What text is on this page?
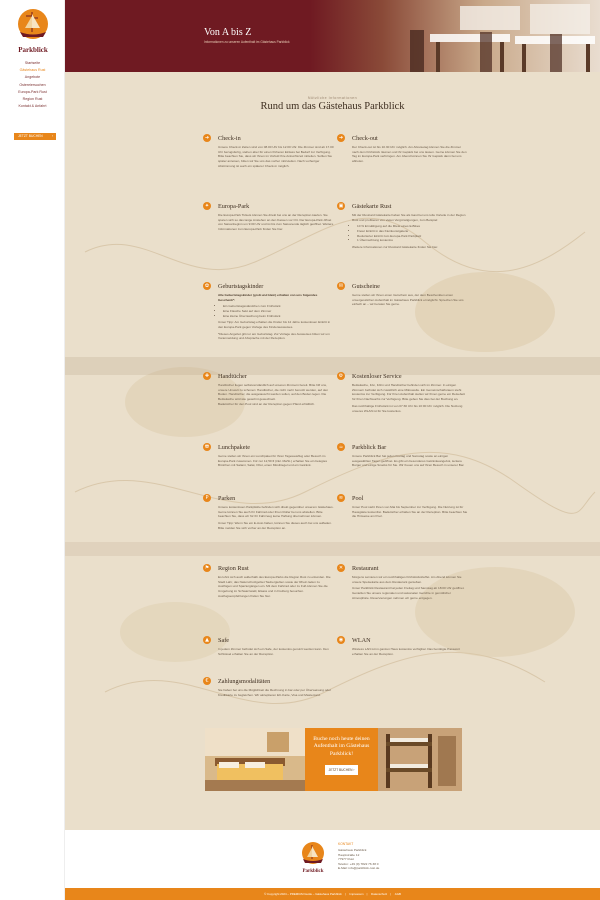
Parkblick
Startseite
Gästehaus Rust
Angebote
Ostereiersuchen
Europa-Park Rust
Region Rust
Kontakt & Anfahrt
JETZT BUCHEN	›
Von A bis Z
Informationen zu unseren Aufenthalt im Gästehaus Parkblick
Nützliche Informationen
Rund um das Gästehaus Parkblick
➜	Check-in
Unsere Check-in Zeiten sind von 08.00 Uhr bis 12.00 Uhr. Die Zimmer sind ab 17.00 Uhr bezugsfertig, stehen aber für einen früheren Einlass bei Bedarf zur Verfügung. Bitte beachten Sie, dass wir Ihnen im Vorfeld Ihre Ankunftszeit mitteilen. Sollten Sie später anreisen, bitten wir Sie uns das vorher mitzuteilen. Nach vorheriger Abstimmung ist auch ein späterer Check-in möglich.
➜	Check-out
Der Check-out ist bis 10.30 Uhr möglich. Am Abreisetag können Sie die Zimmer nach dem Frühstück räumen und ihr Gepäck bei uns lassen. Gerne können Sie den Tag im Europa-Park verbringen. Am Abend können Sie Ihr Gepäck dann bei uns abholen.
✦	Europa-Park
Die Europa-Park Tickets können Sie direkt bei uns an der Rezeption kaufen. Sie sparen sich so das lange Anstehen an den Kassen vor Ort. Der Europa-Park öffnet von Saisonbeginn um 9:00 Uhr und ist bis zum Saisonende täglich geöffnet. Weitere Informationen zum Europa-Park finden Sie hier.
▣ Gästekarte Rust
Mit der Rustcard Gästekarte haben Sie als Gast bei uns tolle Vorteile in der Region Rust und profitieren von vielen Vergünstigungen, zum Beispiel:
• 10 % Ermäßigung auf die Miete eines E-Bikes
• Freier Eintritt in das Kleinkunstgalerie
• Reduzierter Eintritt zum Europa-Park Parkplatz
• 1 Übernachtung kostenlos
Weitere Informationen zur Rustcard Gästekarte finden Sie hier.
✿	Geburtstagskinder
Alle Geburtstagskinder (groß und klein) erhalten von uns folgendes Geschenk*:
• Ein Geburtstagsständchen zum Frühstück
• Eine Flasche Sekt auf dem Zimmer
• Eine kleine Überraschung beim Frühstück
Unser Tipp: Am Geburtstag erhalten die Kinder bis 12 Jahre kostenlosen Eintritt in den Europa-Park gegen Vorlage des Kinderausweises.
*Dieses Angebot gilt nur am Geburtstag. Zur Vorlage des Ausweises bitten wir um Voranmeldung und Absprache mit der Rezeption.
✉	Gutscheine
Gerne stellen wir Ihnen einen Gutschein aus, der dem Beschenkten einen unvergesslichen Aufenthalt im Gästehaus Parkblick ermöglicht. Sprechen Sie uns einfach an – wir beraten Sie gerne.
✚	Handtücher
Handtücher liegen selbstverständlich auf unseren Zimmern bereit. Bitte hilf uns, unsere Umwelt zu schonen: Handtücher, die nicht mehr benutzt werden, auf den Boden. Handtücher, die ausgetauscht werden sollen, auf den Boden legen. Die Bettwäsche wird wie gewohnt gewechselt.
Badetücher für den Pool sind an der Rezeption gegen Pfand erhältlich.
⚙ Kostenloser Service
Bettwäsche, Fön, Föhn und Handtücher befinden sich im Zimmer. In einigen Zimmern befindet sich zusätzlich eine Mikrowelle. Ein Gemeinschaftsraum steht kostenlos zur Verfügung. Für Ihren Aufenthalt stellen wir Ihnen gerne ein Reisebett für Ihren Nachwuchs zur Verfügung. Bitte geben Sie dies bei der Buchung an.
Das reichhaltige Frühstück ist von 07:30 Uhr bis 10:00 Uhr möglich. Die Nutzung unseres WLAN ist für Sie kostenlos.
⛃	Lunchpakete
Gerne stellen wir Ihnen ein Lunchpaket für Ihren Tagesausflug oder Besuch im Europa-Park zusammen. Für nur 12,50 € (inkl. MwSt.) erhalten Sie ein belegtes Brötchen mit Salami, Salat, Obst, einen Müsliriegel und ein Getränk.
☕ Parkblick Bar
Unsere Parkblick Bar hat jeden Freitag und Samstag sowie an einigen ausgewählten Tagen geöffnet. Es gibt ein besonderes Getränkeangebot, leckere Burger und einige Snacks für Sie. Wir freuen uns auf Ihren Besuch in unserer Bar.
P	Parken
Unsere kostenlosen Parkplätze befinden sich direkt gegenüber unserem Gästehaus. Gerne können Sie auch Ihr Fahrrad oder Ihren Roller bei uns abstellen. Bitte beachten Sie, dass wir für Ihr Fahrzeug keine Haftung übernehmen können.
Unser Tipp: Wenn Sie ein E-Auto haben, können Sie dieses auch bei uns aufladen. Bitte melden Sie sich vorher an der Rezeption an.
≋	Pool
Unser Pool steht Ihnen von Mai bis September zur Verfügung. Die Nutzung ist für Hausgäste kostenfrei. Badetücher erhalten Sie an der Rezeption. Bitte beachten Sie die Hinweise am Pool.
⚑ Region Rust
Es lohnt sich auch außerhalb des Europa-Parks die Region Rust zu erkunden. Die Stadt Lahr, das Naturschutzgebiet Taubergießen sowie der Rhein laden zu Ausflügen und Spaziergängen ein. Mit dem Fahrrad oder zu Fuß können Sie die Umgebung im Schwarzwald, Elsass und in Freiburg besuchen. Ausflugsempfehlungen finden Sie hier.
✕	Restaurant
Morgens servieren wir ein reichhaltiges Frühstücksbuffet. Am Abend können Sie unsere Speisekarte aus dem Restaurant genießen.
Unser Parkblick Restaurant hat jeden Freitag und Samstag ab 18:00 Uhr geöffnet. Genießen Sie unsere regionalen und saisonalen Gerichte in gemütlicher Atmosphäre. Reservierungen nehmen wir gerne entgegen.
▲	Safe
In jedem Zimmer befindet sich ein Safe, der kostenlos genutzt werden kann. Den Schlüssel erhalten Sie an der Rezeption.
◉ WLAN
Wireless LAN ist im ganzen Haus kostenlos verfügbar. Das benötigte Passwort erhalten Sie an der Rezeption.
€	Zahlungsmodalitäten
Sie haben bei uns die Möglichkeit die Rechnung in bar oder per Überweisung oder Kreditkarte zu begleichen. Wir akzeptieren EC-Karte, Visa und Mastercard.
Buche noch heute deinen Aufenthalt im Gästehaus Parkblick!
JETZT BUCHEN ›
Parkblick
KONTAKT
Gästehaus Parkblick
Hauptstraße 12
77977 Rust
Telefon: +49 (0) 7822 76 38 0
E-Mail: info@parkblick-rust.de
© Copyright 2024 – PREMIUM Guide – Gästehaus Parkblick | Impressum | Datenschutz | AGB
